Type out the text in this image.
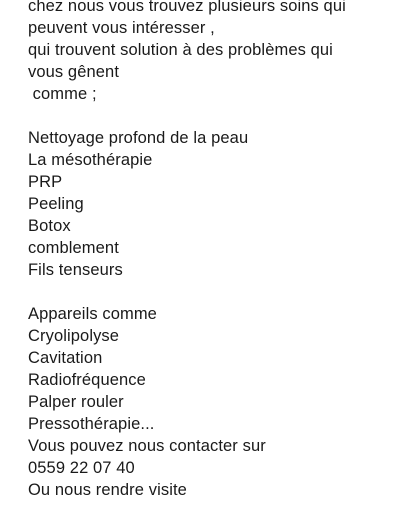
chez nous vous trouvez plusieurs soins qui
peuvent vous intéresser ,
qui trouvent solution à des problèmes qui
vous gênent
comme ;
Nettoyage profond de la peau
La mésothérapie
PRP
Peeling
Botox
comblement
Fils tenseurs
Appareils comme
Cryolipolyse
Cavitation
Radiofréquence
Palper rouler
Pressothérapie...
Vous pouvez nous contacter sur
0559 22 07 40
Ou nous rendre visite
